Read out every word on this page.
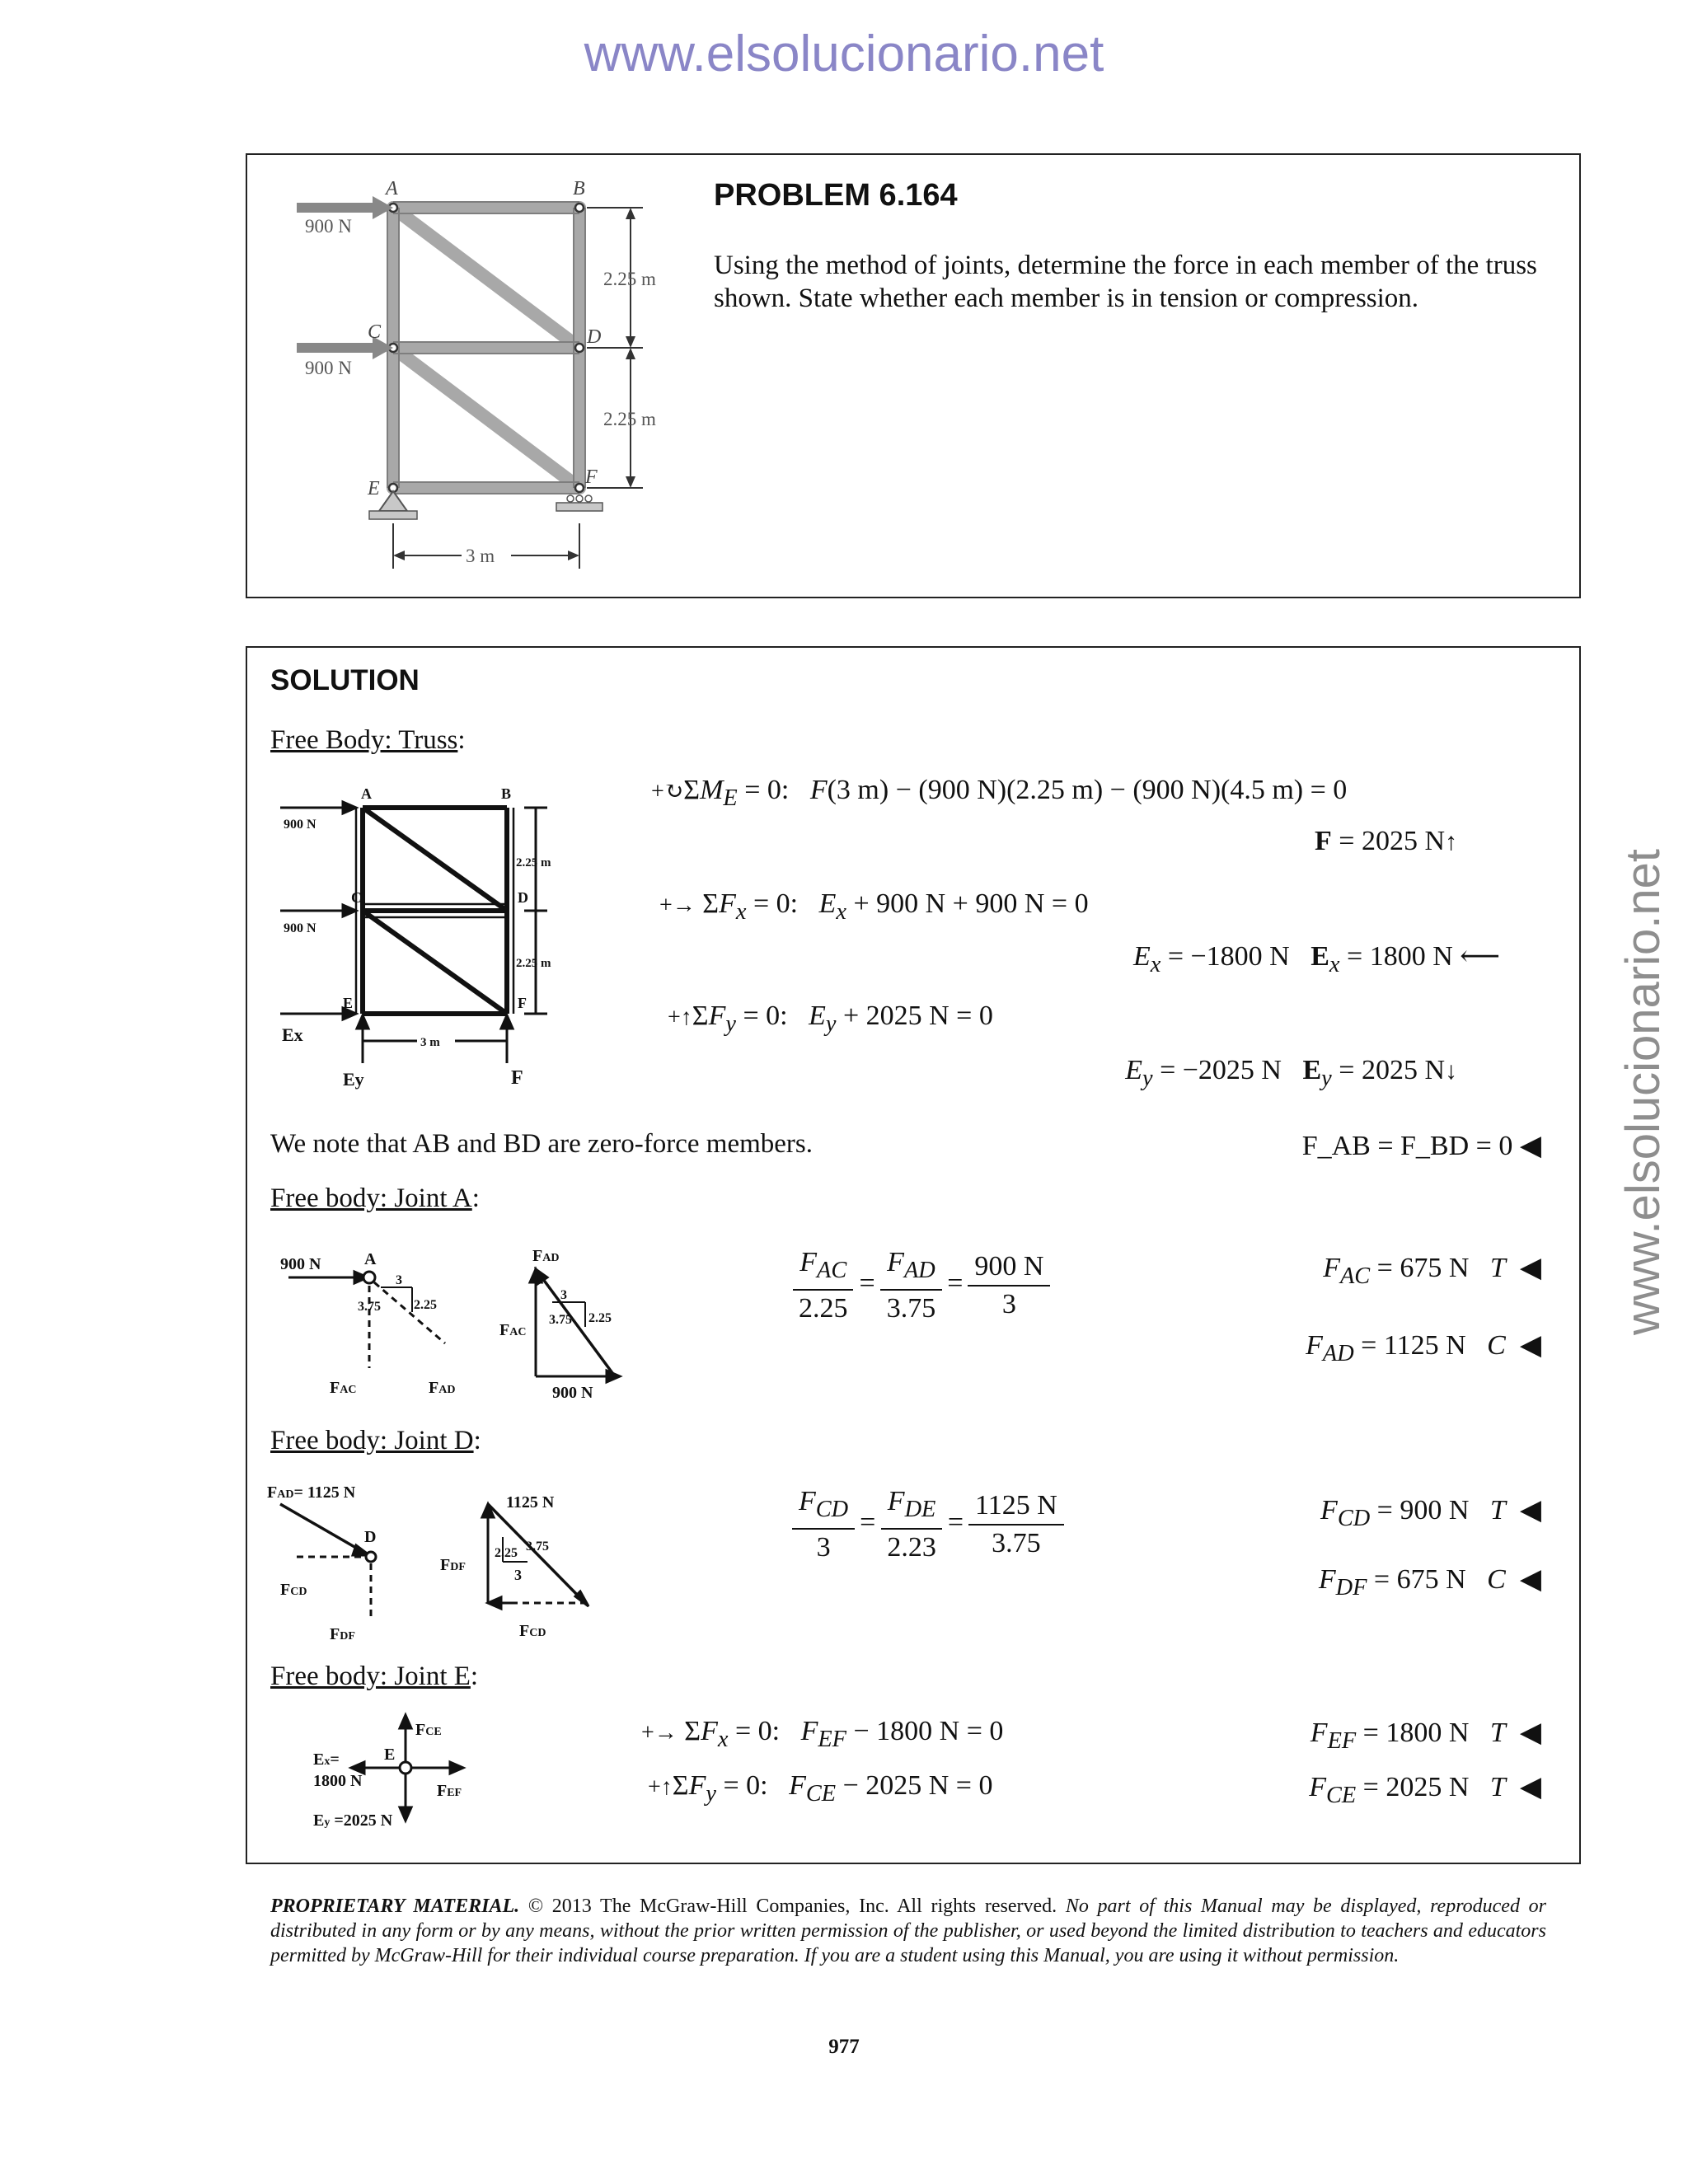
www.elsolucionario.net
www.elsolucionario.net
A	B
C	D
E
F
900 N
900 N
2.25 m
2.25 m
3 m
PROBLEM 6.164
Using the method of joints, determine the force in each member of the truss shown. State whether each member is in tension or compression.
SOLUTION
Free Body: Truss:
A	B
C	D
E	F
900 N
900 N
2.25 m
2.25 m
3 m
Ex
Ey	F
$+↻\Sigma M_E = 0$:   F(3 m) − (900 N)(2.25 m) − (900 N)(4.5 m) = 0
F = 2025 N↑
+→ $\Sigma F_x = 0$:   $E_x + 900$ N + 900 N = 0
$E_x = -1800$ N $E_x = 1800$ N ⟵
$+↑\Sigma F_y = 0$:   $E_y + 2025$ N = 0
$E_y = -2025$ N $E_y = 2025$ N↓
We note that AB and BD are zero-force members.	F_AB = F_BD = 0 ◀
Free body: Joint A:
900 N	A
3
3.75	2.25
FAC	FAD
FAD
3
3.75 2.25
FAC
900 N
$\frac{F_{AC}}{2.25} = \frac{F_{AD}}{3.75} = \frac{900 N}{3}$	$F_{AC} = 675$ N T  ◀
$F_{AD} = 1125$ N C  ◀
Free body: Joint D:
FAD= 1125 N
D
FCD
FDF
1125 N
2.25 3.75
3
FDF
FCD
$\frac{F_{CD}}{3} = \frac{F_{DE}}{2.23} = \frac{1125 N}{3.75}$	$F_{CD} = 900$ N T  ◀
$F_{DF} = 675$ N C  ◀
Free body: Joint E:
FCE
E
Ex=
1800 N
FEF
Ey =2025 N
+→ $\Sigma F_x = 0$:   $F_{EF} - 1800$ N = 0
$+↑\Sigma F_y = 0$:   $F_{CE} - 2025$ N = 0
$F_{EF} = 1800$ N T  ◀
$F_{CE} = 2025$ N T  ◀
PROPRIETARY MATERIAL. © 2013 The McGraw-Hill Companies, Inc. All rights reserved. No part of this Manual may be displayed, reproduced or distributed in any form or by any means, without the prior written permission of the publisher, or used beyond the limited distribution to teachers and educators permitted by McGraw-Hill for their individual course preparation. If you are a student using this Manual, you are using it without permission.
977
